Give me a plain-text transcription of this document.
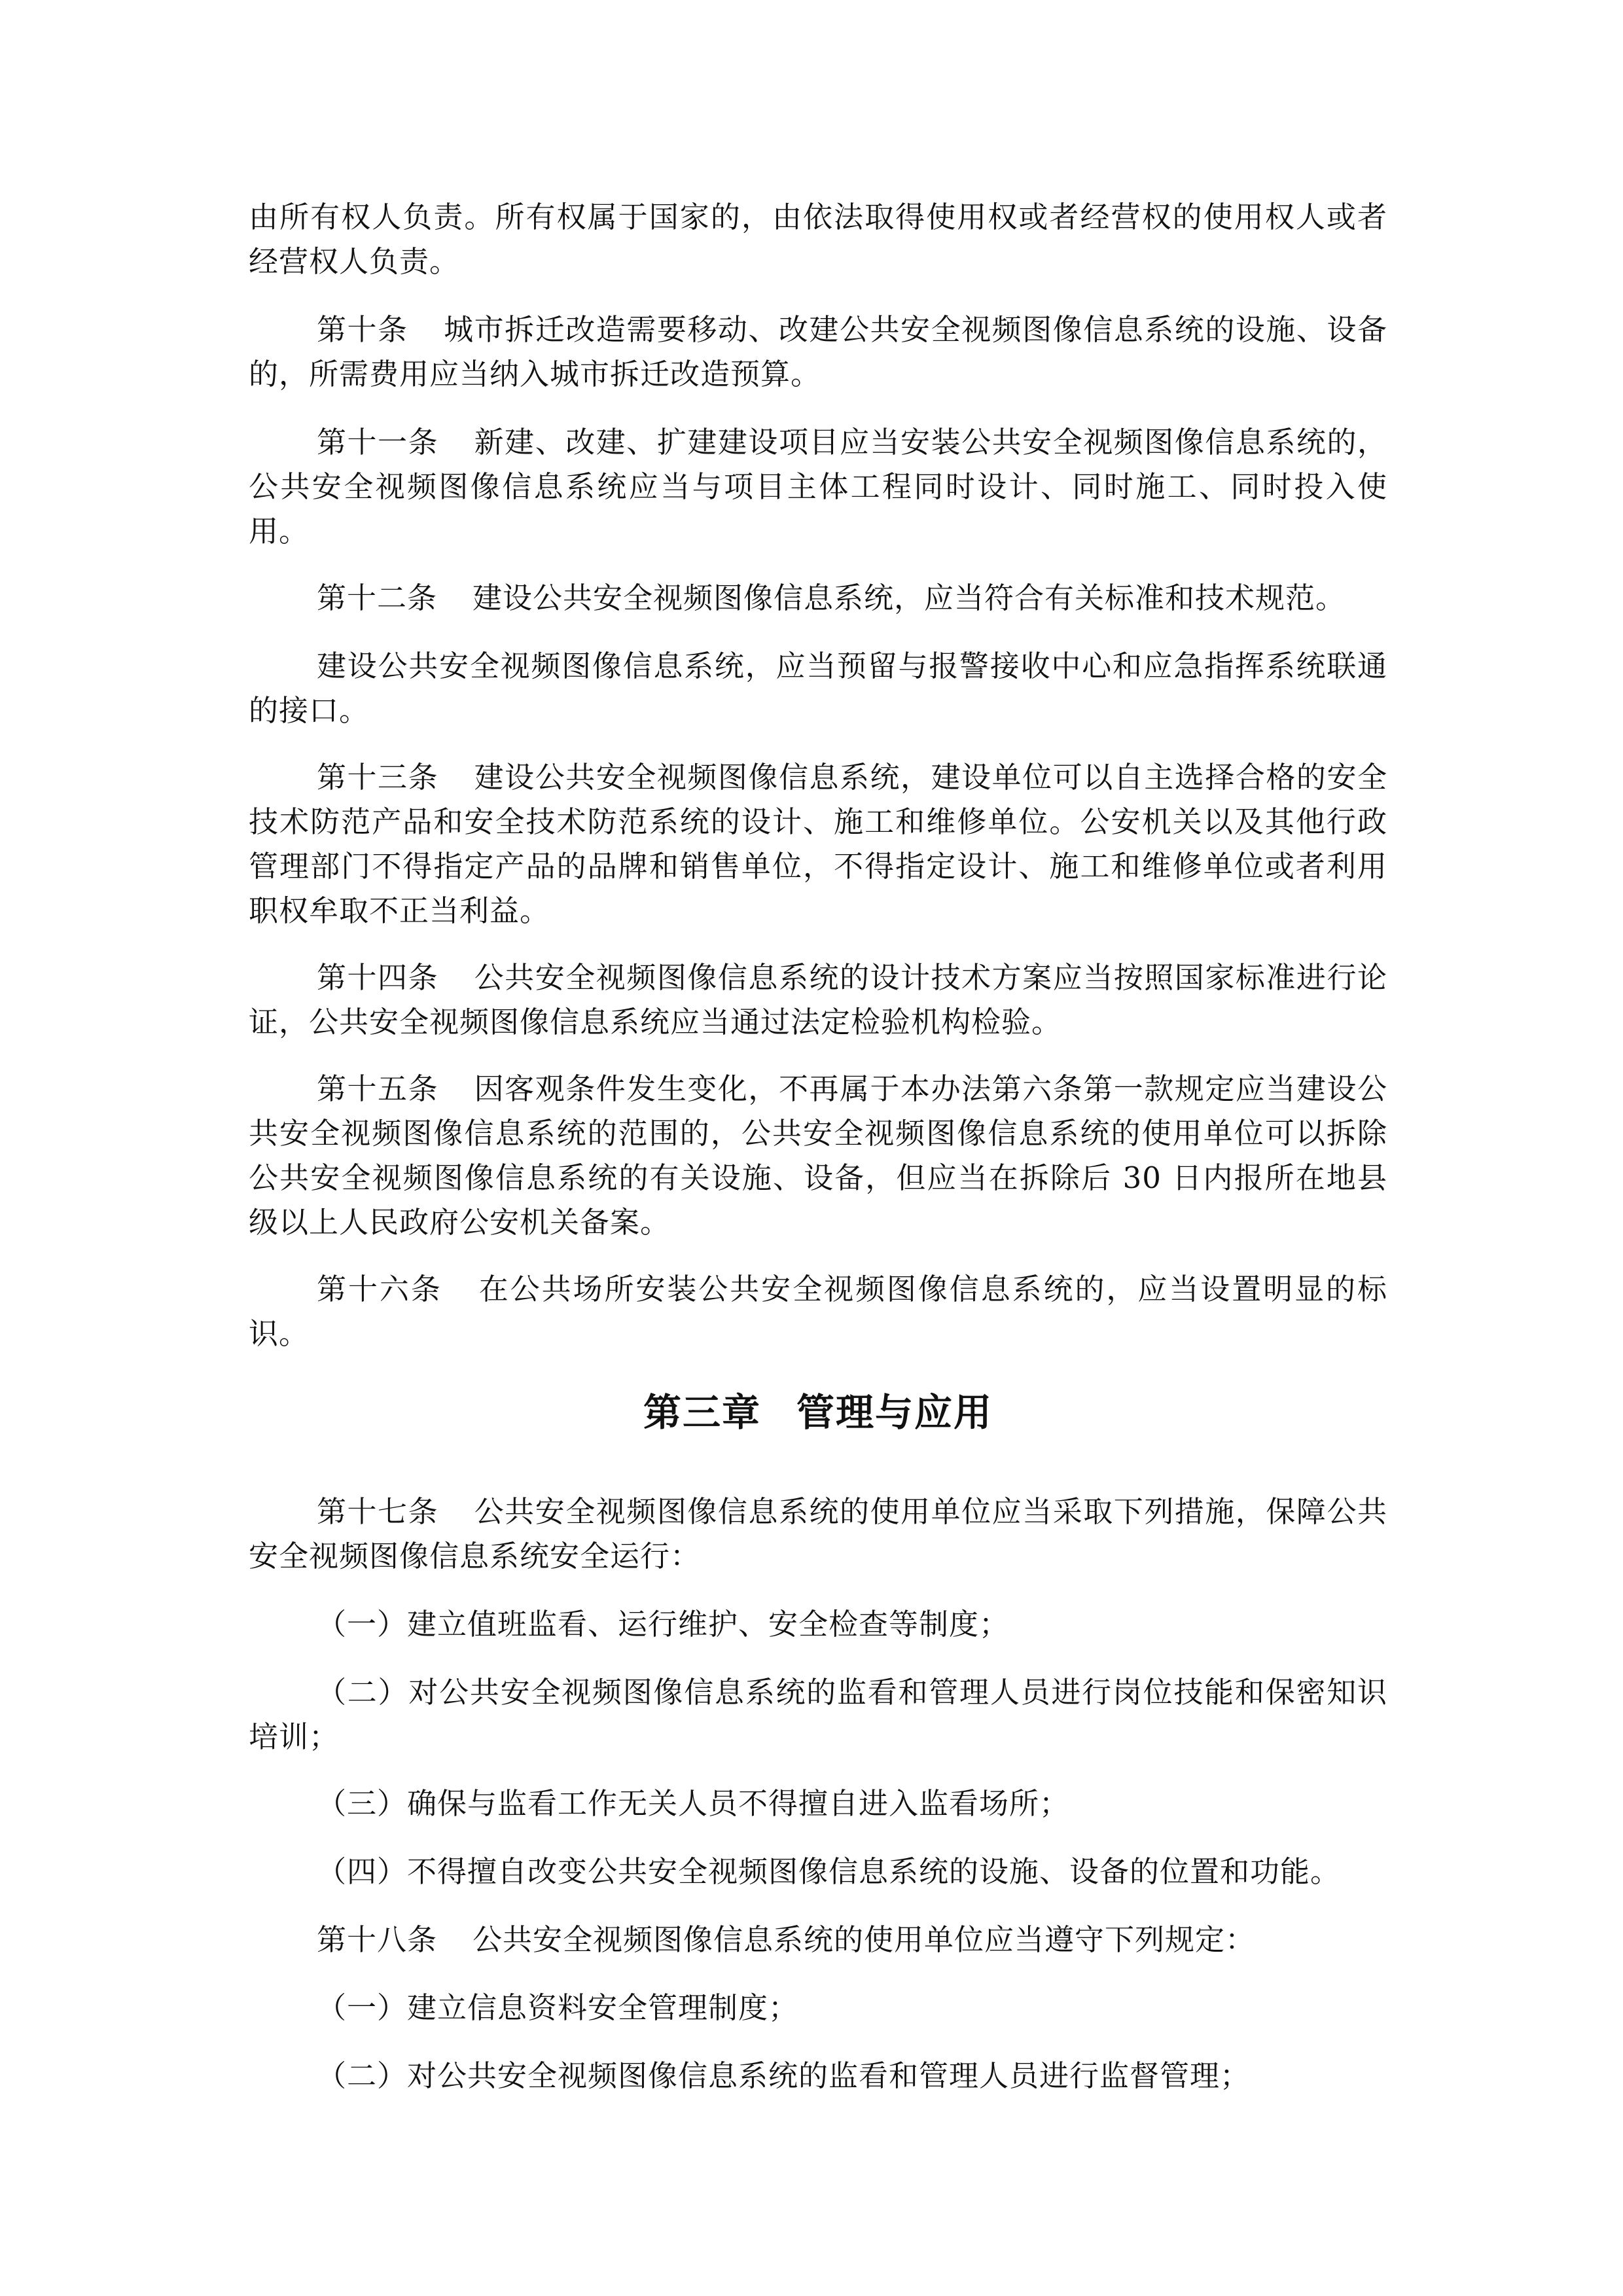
由所有权人负责。所有权属于国家的，由依法取得使用权或者经营权的使用权人或者经营权人负责。

第十条 城市拆迁改造需要移动、改建公共安全视频图像信息系统的设施、设备的，所需费用应当纳入城市拆迁改造预算。

第十一条 新建、改建、扩建建设项目应当安装公共安全视频图像信息系统的，公共安全视频图像信息系统应当与项目主体工程同时设计、同时施工、同时投入使用。

第十二条 建设公共安全视频图像信息系统，应当符合有关标准和技术规范。

建设公共安全视频图像信息系统，应当预留与报警接收中心和应急指挥系统联通的接口。

第十三条 建设公共安全视频图像信息系统，建设单位可以自主选择合格的安全技术防范产品和安全技术防范系统的设计、施工和维修单位。公安机关以及其他行政管理部门不得指定产品的品牌和销售单位，不得指定设计、施工和维修单位或者利用职权牟取不正当利益。

第十四条 公共安全视频图像信息系统的设计技术方案应当按照国家标准进行论证，公共安全视频图像信息系统应当通过法定检验机构检验。

第十五条 因客观条件发生变化，不再属于本办法第六条第一款规定应当建设公共安全视频图像信息系统的范围的，公共安全视频图像信息系统的使用单位可以拆除公共安全视频图像信息系统的有关设施、设备，但应当在拆除后 30 日内报所在地县级以上人民政府公安机关备案。

第十六条 在公共场所安装公共安全视频图像信息系统的，应当设置明显的标识。

第三章 管理与应用

第十七条 公共安全视频图像信息系统的使用单位应当采取下列措施，保障公共安全视频图像信息系统安全运行：

（一）建立值班监看、运行维护、安全检查等制度；

（二）对公共安全视频图像信息系统的监看和管理人员进行岗位技能和保密知识培训；

（三）确保与监看工作无关人员不得擅自进入监看场所；

（四）不得擅自改变公共安全视频图像信息系统的设施、设备的位置和功能。

第十八条 公共安全视频图像信息系统的使用单位应当遵守下列规定：

（一）建立信息资料安全管理制度；

（二）对公共安全视频图像信息系统的监看和管理人员进行监督管理；
